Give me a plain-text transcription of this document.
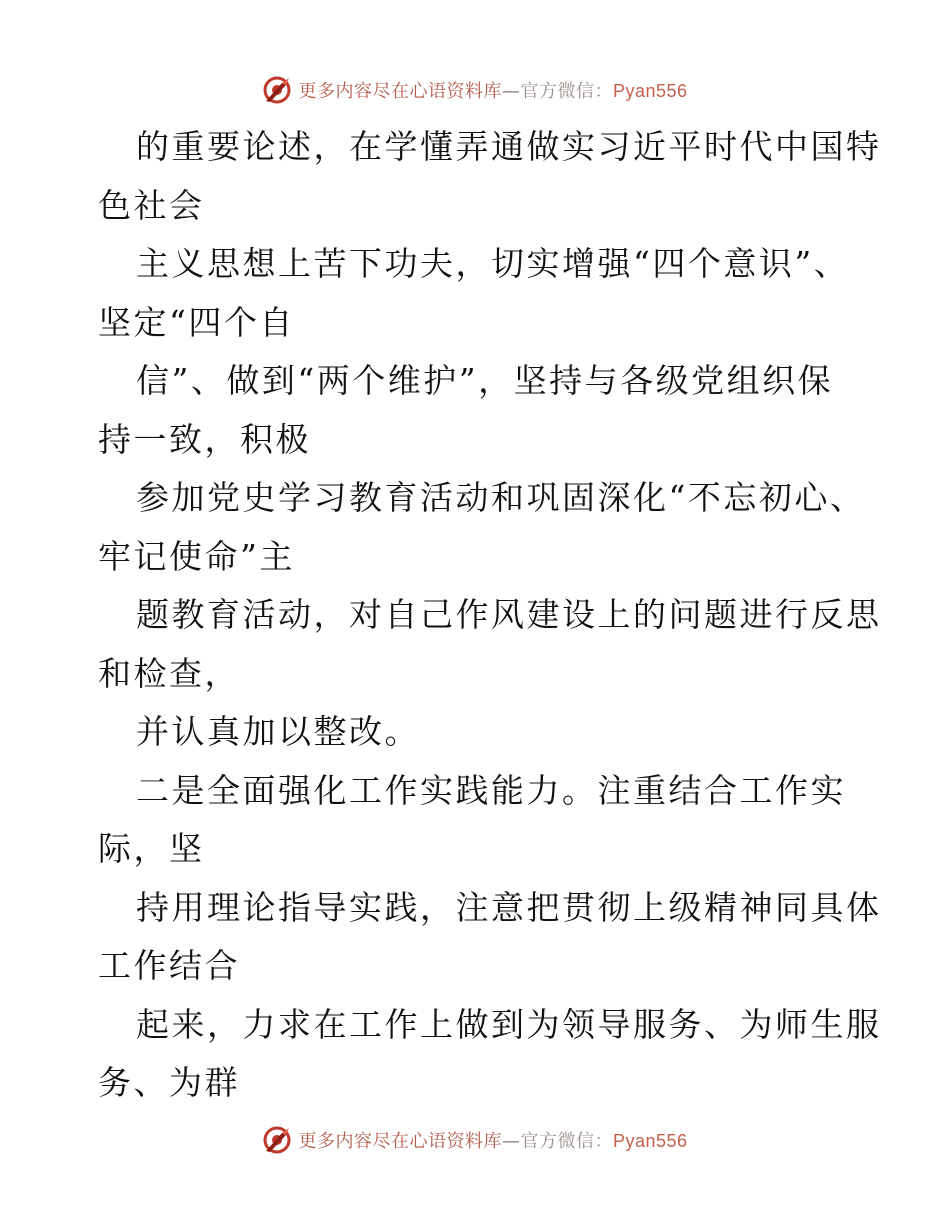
更多内容尽在心语资料库—官方微信：Pyan556
的重要论述，在学懂弄通做实习近平时代中国特
色社会
主义思想上苦下功夫，切实增强“四个意识”、
坚定“四个自
信”、做到“两个维护”，坚持与各级党组织保
持一致，积极
参加党史学习教育活动和巩固深化“不忘初心、
牢记使命”主
题教育活动，对自己作风建设上的问题进行反思
和检查，
并认真加以整改。
二是全面强化工作实践能力。注重结合工作实
际，坚
持用理论指导实践，注意把贯彻上级精神同具体
工作结合
起来，力求在工作上做到为领导服务、为师生服
务、为群
更多内容尽在心语资料库—官方微信：Pyan556
